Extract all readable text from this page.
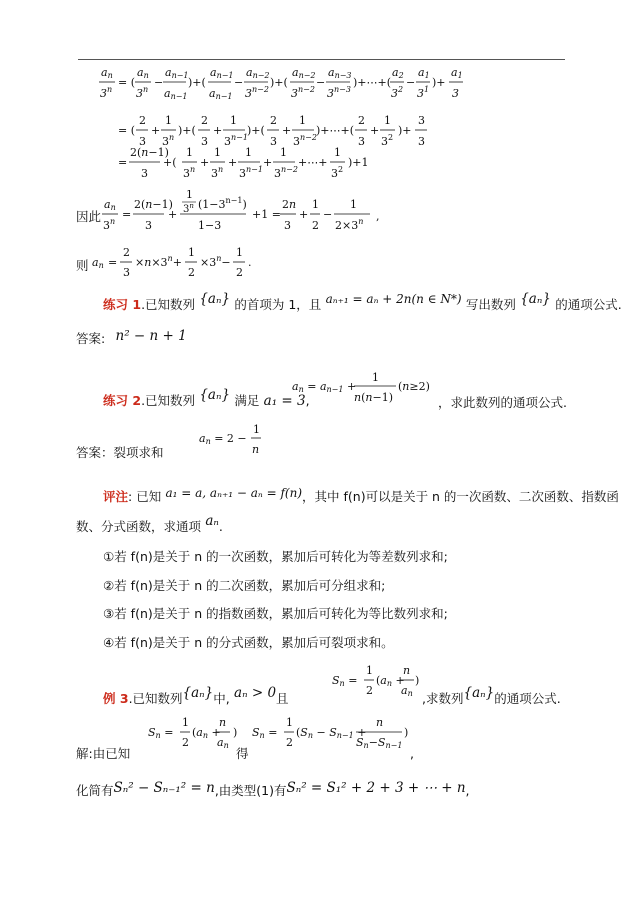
an
$3^n$
= (
an
$3^n$
−
an−1
an−1
)+(
an−1
an−1
−
an−2
$3^{n-2}$
)+(
an−2
$3^{n-2}$
−
an−3
$3^{n-3}$
)+⋯+(
a2
$3^2$
−
a1
$3^1$
)+
a1
3
= (
2
3
+
1
3$^n$
)+(
2
3
+
1
$3^{n-1}$
)+(
2
3
+
1
$3^{n-2}$
)+⋯+(
2
3
+
1
$3^2$
)+
3
3
=
2(n−1)
3
+(
1
$3^n$
+
1
$3^n$
+
1
$3^{n-1}$
+
1
$3^{n-2}$
+⋯+
1
$3^2$
)+1
因此
an
$3^n$
=
2(n−1)
3
+
1
3$^n$ $(1-3^{n-1})$
1−3
+1 =
2n
3
+
1
2
−
1
$2\times 3^n$ ,
则 an =
2
3
$\times n\times 3^n+$
1
2
$\times 3^n-$
1
2
.
练习 1.已知数列 {aₙ} 的首项为 1，且 aₙ₊₁ = aₙ + 2n(n ∈ N*) 写出数列 {aₙ} 的通项公式.
答案: n² − n + 1
练习 2.已知数列 {aₙ} 满足 a₁ = 3,
an = an−1 +
1
n(n−1)
(n≥2)
，求此数列的通项公式.
答案：裂项求和
an = 2 −
1
n
评注: 已知 a₁ = a, aₙ₊₁ − aₙ = f(n)，其中 f(n)可以是关于 n 的一次函数、二次函数、指数函
数、分式函数，求通项 aₙ.
①若 f(n)是关于 n 的一次函数，累加后可转化为等差数列求和;
②若 f(n)是关于 n 的二次函数，累加后可分组求和;
③若 f(n)是关于 n 的指数函数，累加后可转化为等比数列求和;
④若 f(n)是关于 n 的分式函数，累加后可裂项求和。
例 3.已知数列{aₙ}中, aₙ > 0且
Sn =
1
2
(an +
n
an
)
,求数列{aₙ}的通项公式.
解:由已知
Sn =
1
2
(an +
n
an
)
得
Sn =
1
2
(Sn − Sn−1 +
n
Sn−Sn−1
)
,
化简有Sₙ² − Sₙ₋₁² = n,由类型(1)有Sₙ² = S₁² + 2 + 3 + ⋯ + n,
